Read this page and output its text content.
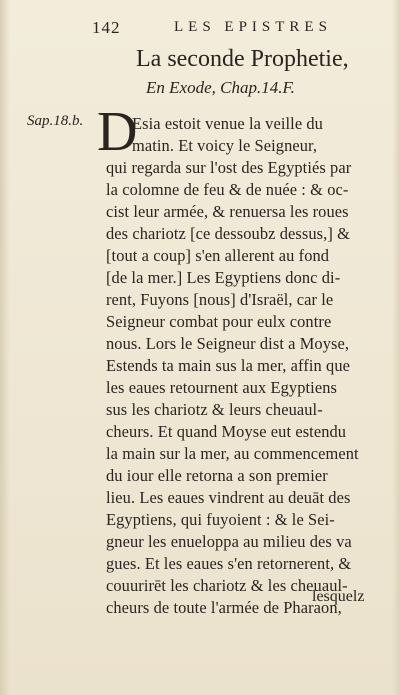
142	LES EPISTRES
La seconde Prophetie,
En Exode, Chap.14.F.
Sap.18.b. D
Esia estoit venue la veille du
matin. Et voicy le Seigneur,
qui regarda sur l'ost des Egyptiés par
la colomne de feu & de nuée : & oc-
cist leur armée, & renuersa les roues
des chariotz [ce dessoubz dessus,] &
[tout a coup] s'en allerent au fond
[de la mer.] Les Egyptiens donc di-
rent, Fuyons [nous] d'Israël, car le
Seigneur combat pour eulx contre
nous. Lors le Seigneur dist a Moyse,
Estends ta main sus la mer, affin que
les eaues retournent aux Egyptiens
sus les chariotz & leurs cheuaul-
cheurs. Et quand Moyse eut estendu
la main sur la mer, au commencement
du iour elle retorna a son premier
lieu. Les eaues vindrent au deuāt des
Egyptiens, qui fuyoient : & le Sei-
gneur les enueloppa au milieu des va
gues. Et les eaues s'en retornerent, &
couurirēt les chariotz & les cheuaul-
cheurs de toute l'armée de Pharaon,
lesquelz
